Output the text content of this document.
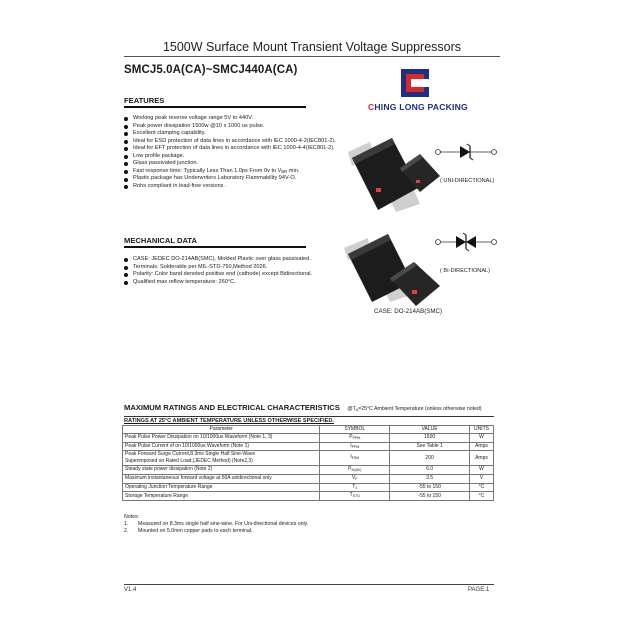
1500W Surface Mount Transient Voltage Suppressors
SMCJ5.0A(CA)~SMCJ440A(CA)
CHING LONG PACKING
FEATURES
Working peak reverse voltage range 5V to 440V.
Peak power dissipation 1500w @10 x 1000 us pulse.
Excellent clamping capability.
Ideal for ESD protection of data lines in accordance with IEC 1000-4-2(IEC801-2).
Ideal for EFT protection of data lines in accordance with IEC 1000-4-4(IEC801-2).
Low profile package.
Glass passivated junction.
Fast response time: Typically Less Than 1.0ps From 0v to $V_{BR}$ min.
Plastic package has Underwriters Laboratory Flammability 94V-O.
Rohs compliant in lead-free versions .
MECHANICAL DATA
CASE: JEDEC DO-214AB(SMC), Molded Plastic over glass passivated.
Terminals: Solderable per MIL-STD-750,Method 2026.
Polarity: Color band denoted positive end (cathode) except Bidirectional.
Qualified max reflow temperature: 260°C.
( UNI-DIRECTIONAL)
( BI-DIRECTIONAL)
CASE: DO-214AB(SMC)
MAXIMUM RATINGS AND ELECTRICAL CHARACTERISTICS $@T_A=25^\circ C$ Ambient Temperature (unless otherwise noted)
RATINGS AT 25°C AMBIENT TEMPERATURE UNLESS OTHERWISE SPECIFIED.
Parameter	SYMBOL	VALUE	UNITS
Peak Pulse Power Dissipation on 10/1000us Waveform (Note 1, 3)	$P_{PPM}$	1500	W
Peak Pulse Current of on 10/1000us Waveform (Note 1)	$I_{PPM}$	See Table 1	Amps
Peak Forward Surge Current,8.3ms Single Half Sine-Wave
Superimposed on Rated Load,(JEDEC Method) (Note2,3)	$I_{FSM}$	200	Amps
Steady state power dissipation (Note 2)	$P_{M(AV)}$	6.0	W
Maximum instantaneous forward voltage at 50A unidirectional only	$V_F$	3.5	V
Operating Junction Temperature Range	$T_J$	-55 to 150	°C
Storage Temperature Range	$T_{STG}$	-55 to 150	°C
Notes:
1. Measured on 8.3ms single half sine-wine. For Uni-directional devices only.
2. Mounted on 5.0mm copper pads to each terminal.
V1.4	PAGE.1
